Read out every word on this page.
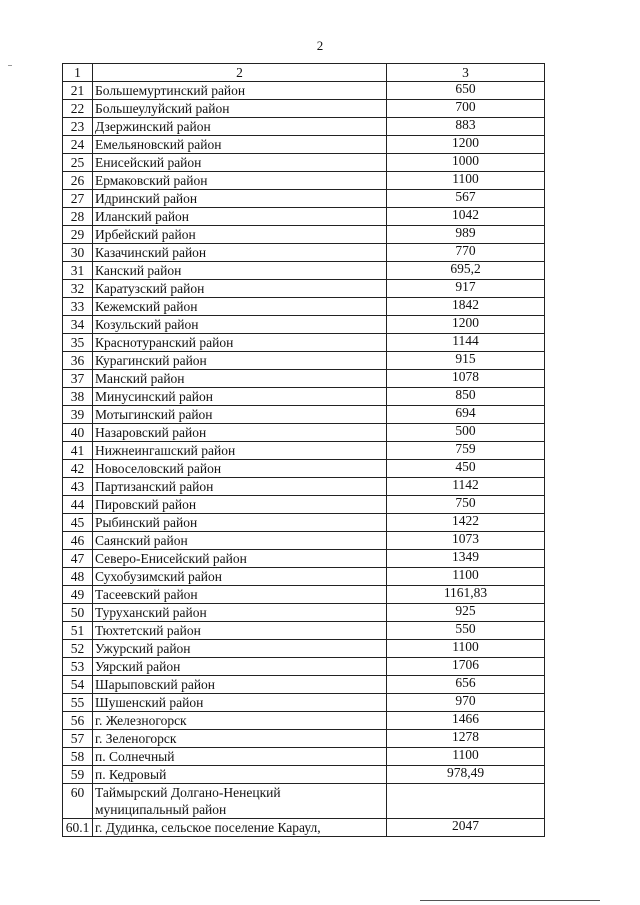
2
1	2	3
21	Большемуртинский район	650
22	Большеулуйский район	700
23	Дзержинский район	883
24	Емельяновский район	1200
25	Енисейский район	1000
26	Ермаковский район	1100
27	Идринский район	567
28	Иланский район	1042
29	Ирбейский район	989
30	Казачинский район	770
31	Канский район	695,2
32	Каратузский район	917
33	Кежемский район	1842
34	Козульский район	1200
35	Краснотуранский район	1144
36	Курагинский район	915
37	Манский район	1078
38	Минусинский район	850
39	Мотыгинский район	694
40	Назаровский район	500
41	Нижнеингашский район	759
42	Новоселовский район	450
43	Партизанский район	1142
44	Пировский район	750
45	Рыбинский район	1422
46	Саянский район	1073
47	Северо-Енисейский район	1349
48	Сухобузимский район	1100
49	Тасеевский район	1161,83
50	Туруханский район	925
51	Тюхтетский район	550
52	Ужурский район	1100
53	Уярский район	1706
54	Шарыповский район	656
55	Шушенский район	970
56	г. Железногорск	1466
57	г. Зеленогорск	1278
58	п. Солнечный	1100
59	п. Кедровый	978,49
60	Таймырский Долгано-Ненецкий
муниципальный район	

60.1	г. Дудинка, сельское поселение Караул,	2047
